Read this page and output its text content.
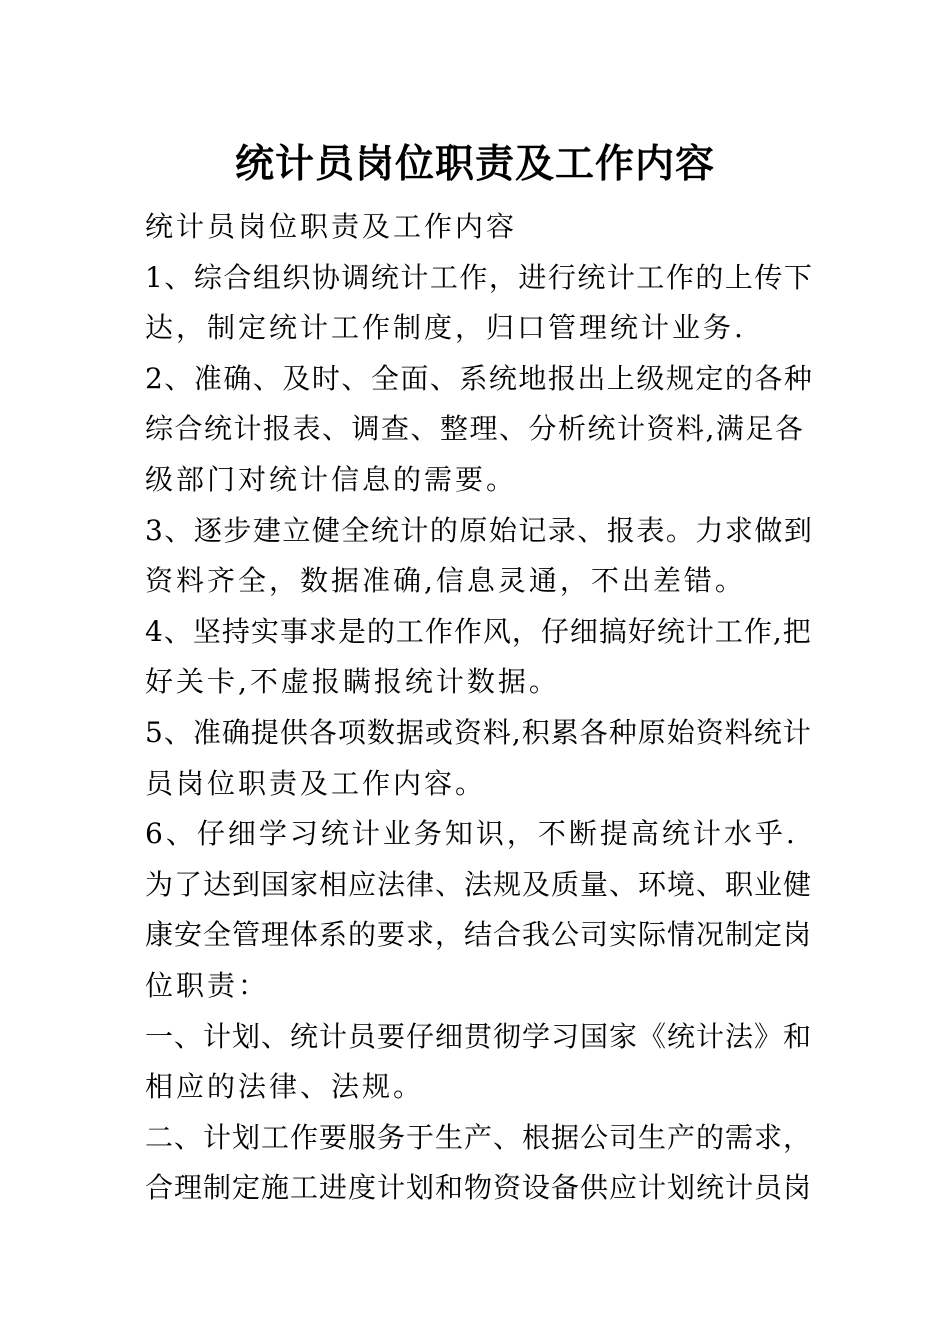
统计员岗位职责及工作内容
统计员岗位职责及工作内容
1、综合组织协调统计工作，进行统计工作的上传下
达，制定统计工作制度，归口管理统计业务.
2、准确、及时、全面、系统地报出上级规定的各种
综合统计报表、调查、整理、分析统计资料,满足各
级部门对统计信息的需要。
3、逐步建立健全统计的原始记录、报表。力求做到
资料齐全，数据准确,信息灵通，不出差错。
4、坚持实事求是的工作作风，仔细搞好统计工作,把
好关卡,不虚报瞒报统计数据。
5、准确提供各项数据或资料,积累各种原始资料统计
员岗位职责及工作内容。
6、仔细学习统计业务知识，不断提高统计水乎.
为了达到国家相应法律、法规及质量、环境、职业健
康安全管理体系的要求，结合我公司实际情况制定岗
位职责：
一、计划、统计员要仔细贯彻学习国家《统计法》和
相应的法律、法规。
二、计划工作要服务于生产、根据公司生产的需求，
合理制定施工进度计划和物资设备供应计划统计员岗
